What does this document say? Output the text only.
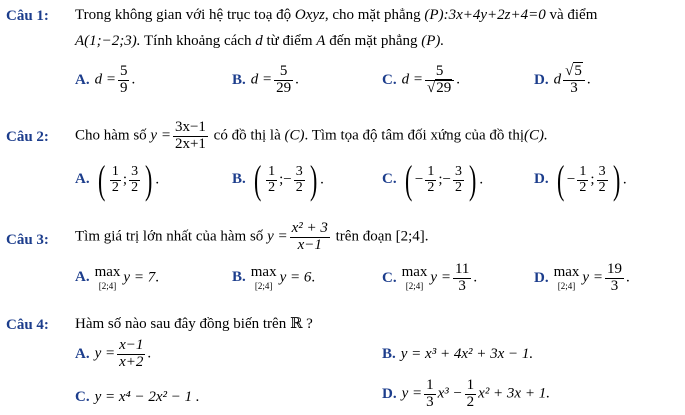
Câu 1: Trong không gian với hệ trục toạ độ Oxyz, cho mặt phẳng (P):3x+4y+2z+4=0 và điểm
A(1;−2;3). Tính khoảng cách d từ điểm A đến mặt phẳng (P).
A. $d = \frac{5}{9}$ .	B. $d = \frac{5}{29}$ .	C. $d = \frac{5}{√29}$ .	D. d $\frac{√5}{3}$ .
Câu 2: Cho hàm số $y = \frac{3x-1}{2x+1}$ có đồ thị là (C). Tìm tọa độ tâm đối xứng của đồ thị(C).
A. ( $\frac{1}{2}$ ; $\frac{3}{2}$ ) .	B. ( $\frac{1}{2}$ ;− $\frac{3}{2}$ ) .	C. ( − $\frac{1}{2}$ ;− $\frac{3}{2}$ ) .	D. ( − $\frac{1}{2}$ ; $\frac{3}{2}$ ) .
Câu 3: Tìm giá trị lớn nhất của hàm số $y = \frac{\text{x² + 3}}{x-1}$ trên đoạn [2;4].
A. max
[2;4]
y = 7.	B. max
[2;4]
y = 6.	C. max
[2;4]
$y = \frac{11}{3}$ .	D. max
[2;4]
$y = \frac{19}{3}$ .
Câu 4: Hàm số nào sau đây đồng biến trên ℝ ?
A. $y = \frac{x-1}{x+2}$ .	B. y = x³ + 4x² + 3x − 1.
C. y = x⁴ − 2x² − 1 .	D. $y = \frac{1}{3} x^3 - \frac{1}{2} x^2 + 3x + 1$.
